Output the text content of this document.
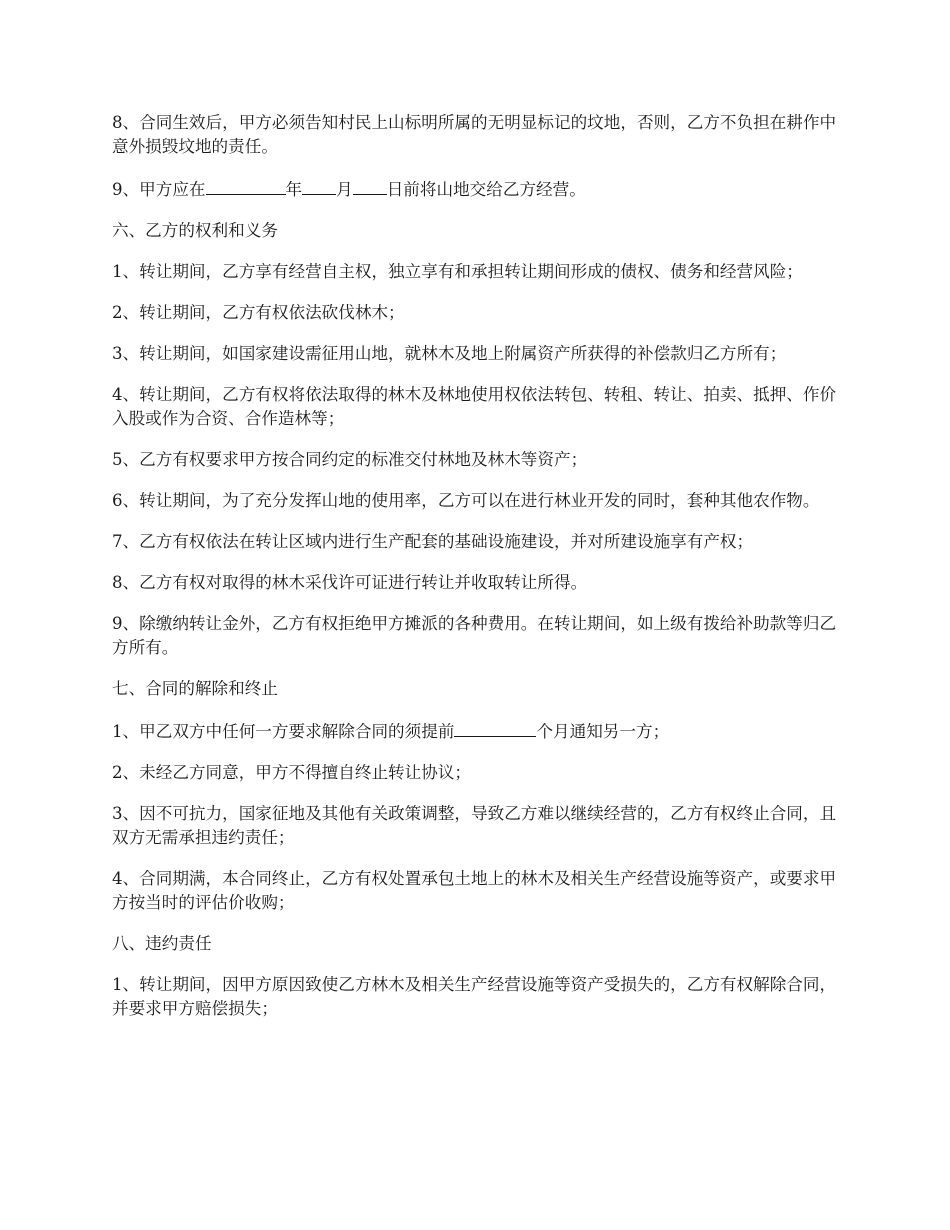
8、合同生效后，甲方必须告知村民上山标明所属的无明显标记的坟地，否则，乙方不负担在耕作中意外损毁坟地的责任。

9、甲方应在	年 月 日前将山地交给乙方经营。

六、乙方的权利和义务

1、转让期间，乙方享有经营自主权，独立享有和承担转让期间形成的债权、债务和经营风险；

2、转让期间，乙方有权依法砍伐林木；

3、转让期间，如国家建设需征用山地，就林木及地上附属资产所获得的补偿款归乙方所有；

4、转让期间，乙方有权将依法取得的林木及林地使用权依法转包、转租、转让、拍卖、抵押、作价入股或作为合资、合作造林等；

5、乙方有权要求甲方按合同约定的标准交付林地及林木等资产；

6、转让期间，为了充分发挥山地的使用率，乙方可以在进行林业开发的同时，套种其他农作物。

7、乙方有权依法在转让区域内进行生产配套的基础设施建设，并对所建设施享有产权；

8、乙方有权对取得的林木采伐许可证进行转让并收取转让所得。

9、除缴纳转让金外，乙方有权拒绝甲方摊派的各种费用。在转让期间，如上级有拨给补助款等归乙方所有。

七、合同的解除和终止

1、甲乙双方中任何一方要求解除合同的须提前	个月通知另一方；

2、未经乙方同意，甲方不得擅自终止转让协议；

3、因不可抗力，国家征地及其他有关政策调整，导致乙方难以继续经营的，乙方有权终止合同，且双方无需承担违约责任；

4、合同期满，本合同终止，乙方有权处置承包土地上的林木及相关生产经营设施等资产，或要求甲方按当时的评估价收购；

八、违约责任

1、转让期间，因甲方原因致使乙方林木及相关生产经营设施等资产受损失的，乙方有权解除合同，并要求甲方赔偿损失；
